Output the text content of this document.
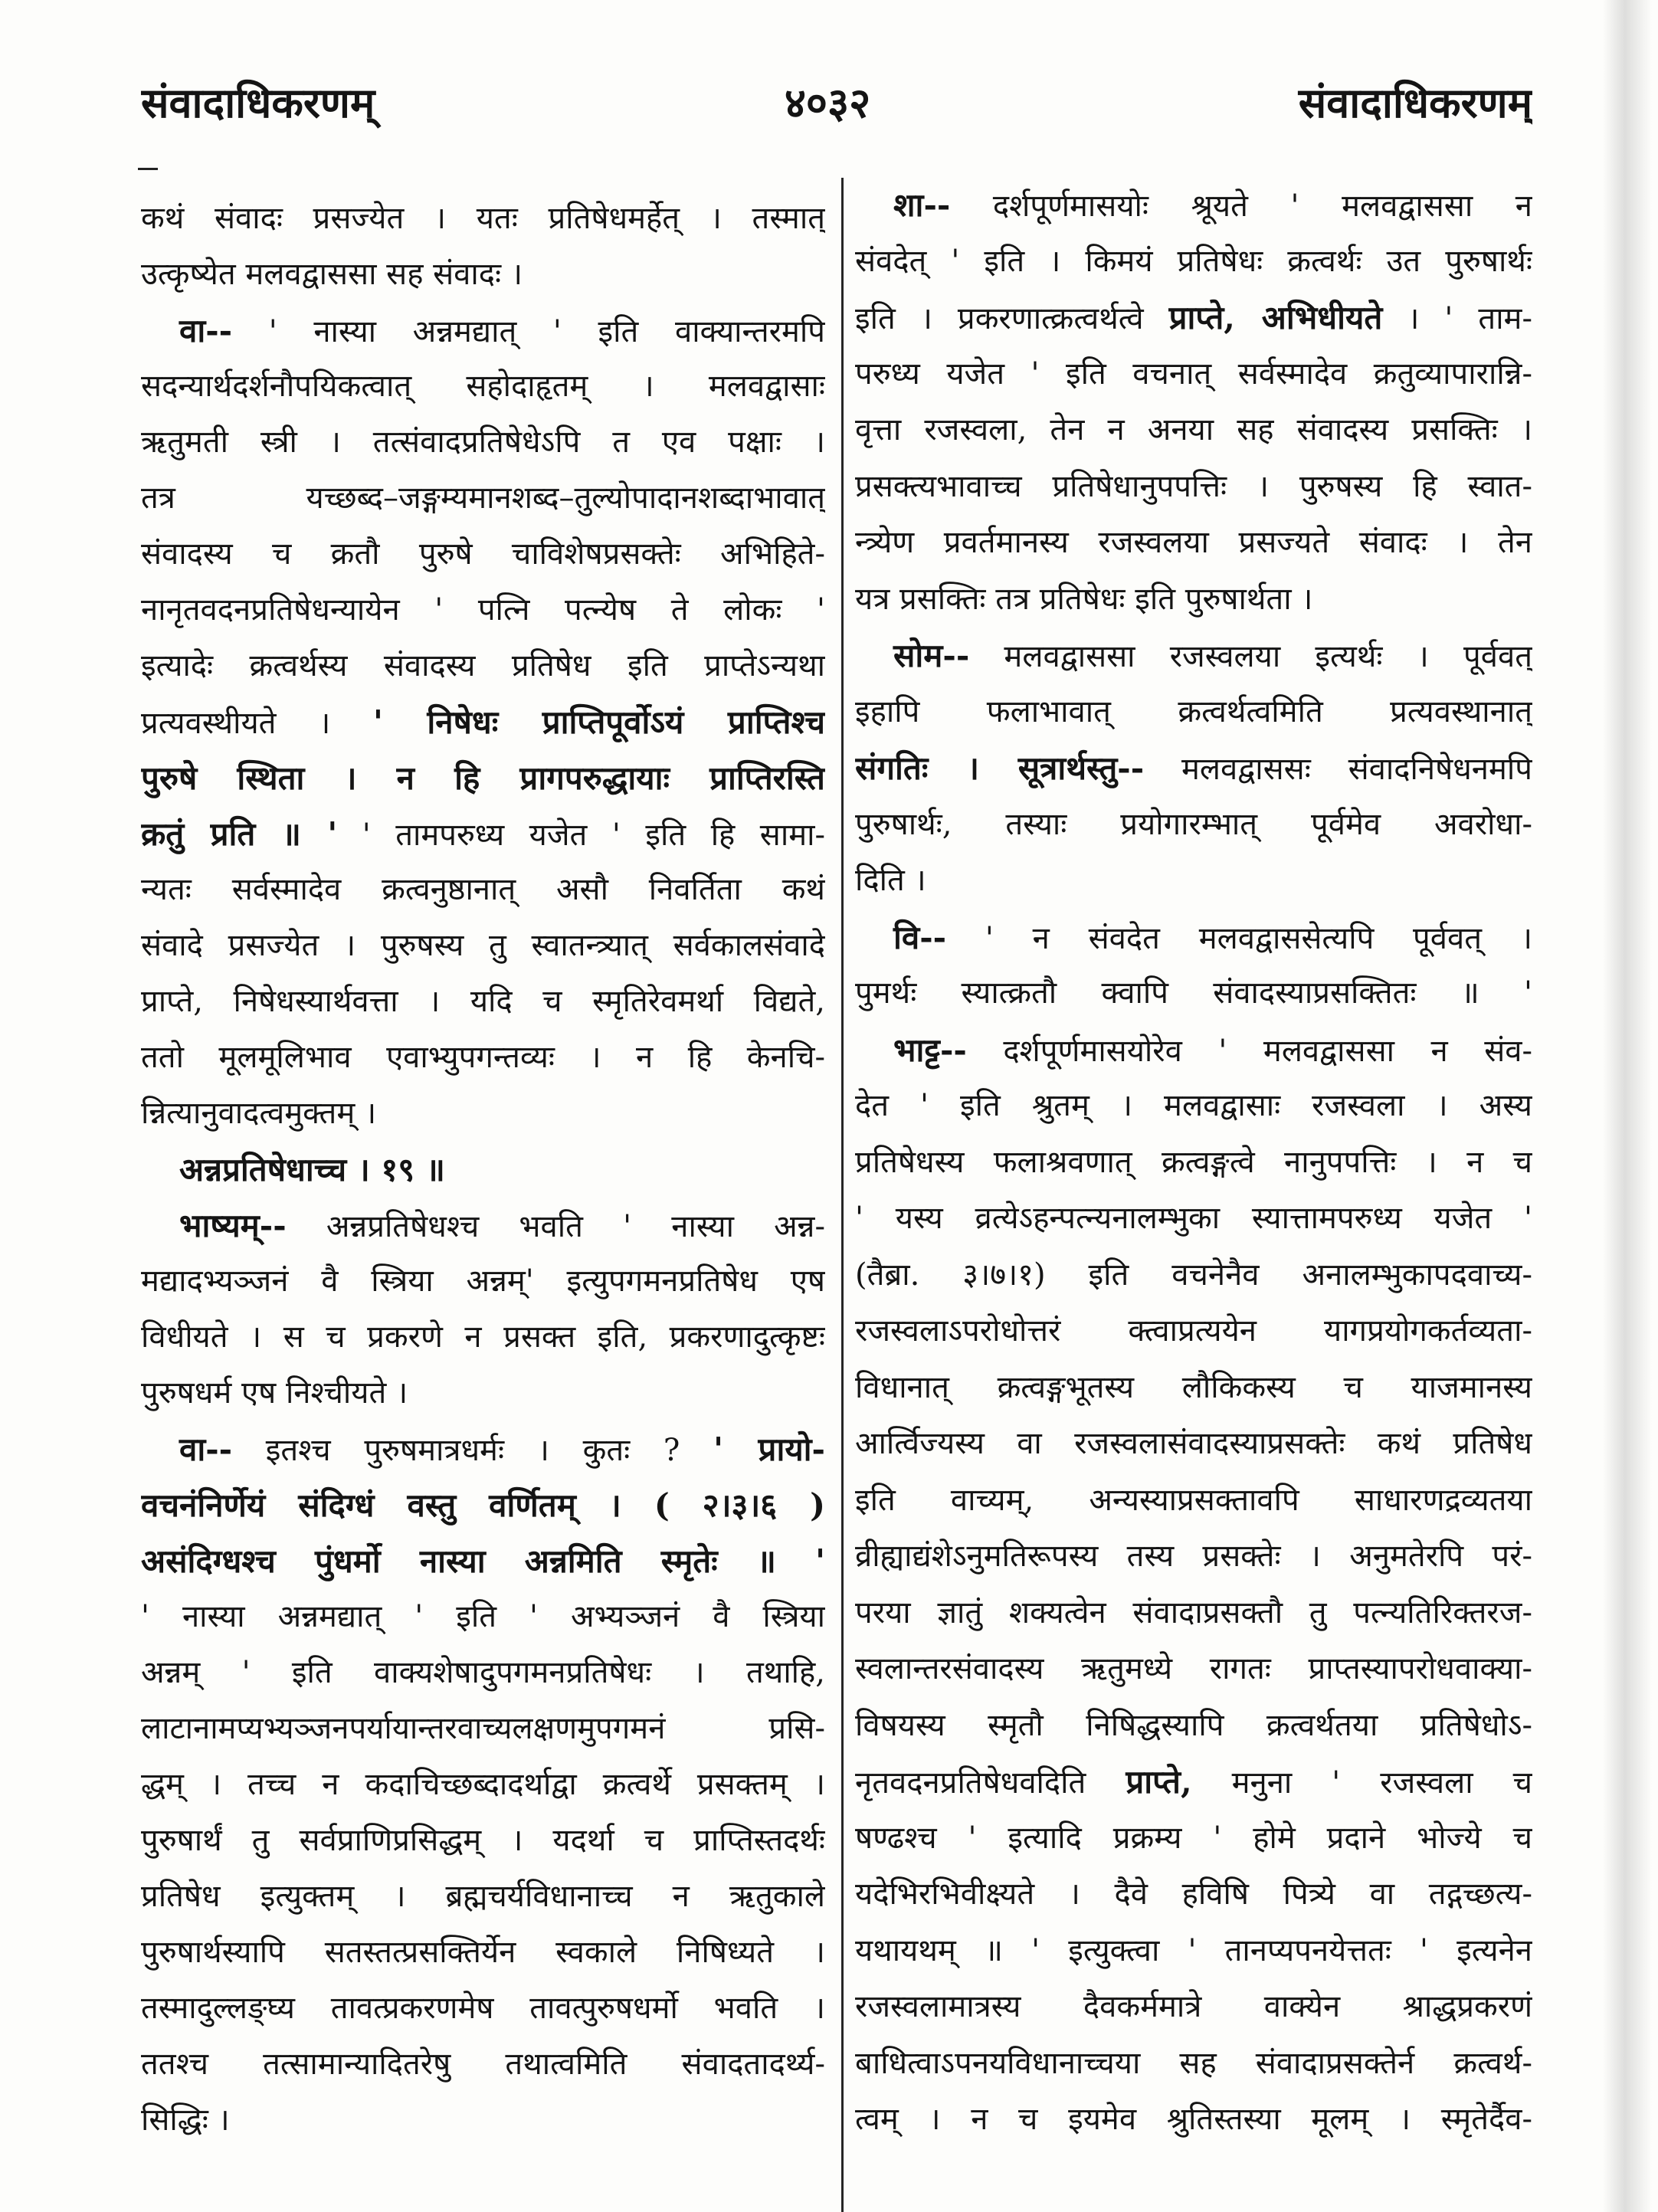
संवादाधिकरणम्	४०३२	संवादाधिकरणम्
कथं संवादः प्रसज्येत । यतः प्रतिषेधमर्हेत् । तस्मात्
उत्कृष्येत मलवद्वाससा सह संवादः ।
वा-- ' नास्या अन्नमद्यात् ' इति वाक्यान्तरमपि
सदन्यार्थदर्शनौपयिकत्वात् सहोदाहृतम् । मलवद्वासाः
ऋतुमती स्त्री । तत्संवादप्रतिषेधेऽपि त एव पक्षाः ।
तत्र यच्छब्द–जङ्गम्यमानशब्द–तुल्योपादानशब्दाभावात्
संवादस्य च क्रतौ पुरुषे चाविशेषप्रसक्तेः अभिहिते-
नानृतवदनप्रतिषेधन्यायेन ' पत्नि पत्न्येष ते लोकः '
इत्यादेः क्रत्वर्थस्य संवादस्य प्रतिषेध इति प्राप्तेऽन्यथा
प्रत्यवस्थीयते । ' निषेधः प्राप्तिपूर्वोऽयं प्राप्तिश्च
पुरुषे स्थिता । न हि प्रागपरुद्धायाः प्राप्तिरस्ति
क्रतुं प्रति ॥ ' ' तामपरुध्य यजेत ' इति हि सामा-
न्यतः सर्वस्मादेव क्रत्वनुष्ठानात् असौ निवर्तिता कथं
संवादे प्रसज्येत । पुरुषस्य तु स्वातन्त्र्यात् सर्वकालसंवादे
प्राप्ते, निषेधस्यार्थवत्ता । यदि च स्मृतिरेवमर्था विद्यते,
ततो मूलमूलिभाव एवाभ्युपगन्तव्यः । न हि केनचि-
न्नित्यानुवादत्वमुक्तम् ।
अन्नप्रतिषेधाच्च । १९ ॥
भाष्यम्-- अन्नप्रतिषेधश्च भवति ' नास्या अन्न-
मद्यादभ्यञ्जनं वै स्त्रिया अन्नम्' इत्युपगमनप्रतिषेध एष
विधीयते । स च प्रकरणे न प्रसक्त इति, प्रकरणादुत्कृष्टः
पुरुषधर्म एष निश्चीयते ।
वा-- इतश्च पुरुषमात्रधर्मः । कुतः ? ' प्रायो-
वचनंनिर्णेयं संदिग्धं वस्तु वर्णितम् । ( २।३।६ )
असंदिग्धश्च पुंधर्मो नास्या अन्नमिति स्मृतेः ॥ '
' नास्या अन्नमद्यात् ' इति ' अभ्यञ्जनं वै स्त्रिया
अन्नम् ' इति वाक्यशेषादुपगमनप्रतिषेधः । तथाहि,
लाटानामप्यभ्यञ्जनपर्यायान्तरवाच्यलक्षणमुपगमनं प्रसि-
द्धम् । तच्च न कदाचिच्छब्दादर्थाद्वा क्रत्वर्थे प्रसक्तम् ।
पुरुषार्थं तु सर्वप्राणिप्रसिद्धम् । यदर्था च प्राप्तिस्तदर्थः
प्रतिषेध इत्युक्तम् । ब्रह्मचर्यविधानाच्च न ऋतुकाले
पुरुषार्थस्यापि सतस्तत्प्रसक्तिर्येन स्वकाले निषिध्यते ।
तस्मादुल्लङ्घ्य तावत्प्रकरणमेष तावत्पुरुषधर्मो भवति ।
ततश्च तत्सामान्यादितरेषु तथात्वमिति संवादतादर्थ्य-
सिद्धिः ।
शा-- दर्शपूर्णमासयोः श्रूयते ' मलवद्वाससा न
संवदेत् ' इति । किमयं प्रतिषेधः क्रत्वर्थः उत पुरुषार्थः
इति । प्रकरणात्क्रत्वर्थत्वे प्राप्ते, अभिधीयते । ' ताम-
परुध्य यजेत ' इति वचनात् सर्वस्मादेव क्रतुव्यापारान्नि-
वृत्ता रजस्वला, तेन न अनया सह संवादस्य प्रसक्तिः ।
प्रसक्त्यभावाच्च प्रतिषेधानुपपत्तिः । पुरुषस्य हि स्वात-
न्त्र्येण प्रवर्तमानस्य रजस्वलया प्रसज्यते संवादः । तेन
यत्र प्रसक्तिः तत्र प्रतिषेधः इति पुरुषार्थता ।
सोम-- मलवद्वाससा रजस्वलया इत्यर्थः । पूर्ववत्
इहापि फलाभावात् क्रत्वर्थत्वमिति प्रत्यवस्थानात्
संगतिः । सूत्रार्थस्तु-- मलवद्वाससः संवादनिषेधनमपि
पुरुषार्थः, तस्याः प्रयोगारम्भात् पूर्वमेव अवरोधा-
दिति ।
वि-- ' न संवदेत मलवद्वाससेत्यपि पूर्ववत् ।
पुमर्थः स्यात्क्रतौ क्वापि संवादस्याप्रसक्तितः ॥ '
भाट्ट-- दर्शपूर्णमासयोरेव ' मलवद्वाससा न संव-
देत ' इति श्रुतम् । मलवद्वासाः रजस्वला । अस्य
प्रतिषेधस्य फलाश्रवणात् क्रत्वङ्गत्वे नानुपपत्तिः । न च
' यस्य व्रत्येऽहन्पत्न्यनालम्भुका स्यात्तामपरुध्य यजेत '
(तैब्रा. ३।७।१) इति वचनेनैव अनालम्भुकापदवाच्य-
रजस्वलाऽपरोधोत्तरं क्त्वाप्रत्ययेन यागप्रयोगकर्तव्यता-
विधानात् क्रत्वङ्गभूतस्य लौकिकस्य च याजमानस्य
आर्त्विज्यस्य वा रजस्वलासंवादस्याप्रसक्तेः कथं प्रतिषेध
इति वाच्यम्, अन्यस्याप्रसक्तावपि साधारणद्रव्यतया
व्रीह्याद्यंशेऽनुमतिरूपस्य तस्य प्रसक्तेः । अनुमतेरपि परं-
परया ज्ञातुं शक्यत्वेन संवादाप्रसक्तौ तु पत्न्यतिरिक्तरज-
स्वलान्तरसंवादस्य ऋतुमध्ये रागतः प्राप्तस्यापरोधवाक्या-
विषयस्य स्मृतौ निषिद्धस्यापि क्रत्वर्थतया प्रतिषेधोऽ-
नृतवदनप्रतिषेधवदिति प्राप्ते, मनुना ' रजस्वला च
षण्ढश्च ' इत्यादि प्रक्रम्य ' होमे प्रदाने भोज्ये च
यदेभिरभिवीक्ष्यते । दैवे हविषि पित्र्ये वा तद्गच्छत्य-
यथायथम् ॥ ' इत्युक्त्वा ' तानप्यपनयेत्ततः ' इत्यनेन
रजस्वलामात्रस्य दैवकर्ममात्रे वाक्येन श्राद्धप्रकरणं
बाधित्वाऽपनयविधानाच्चया सह संवादाप्रसक्तेर्न क्रत्वर्थ-
त्वम् । न च इयमेव श्रुतिस्तस्या मूलम् । स्मृतेर्दैव-
